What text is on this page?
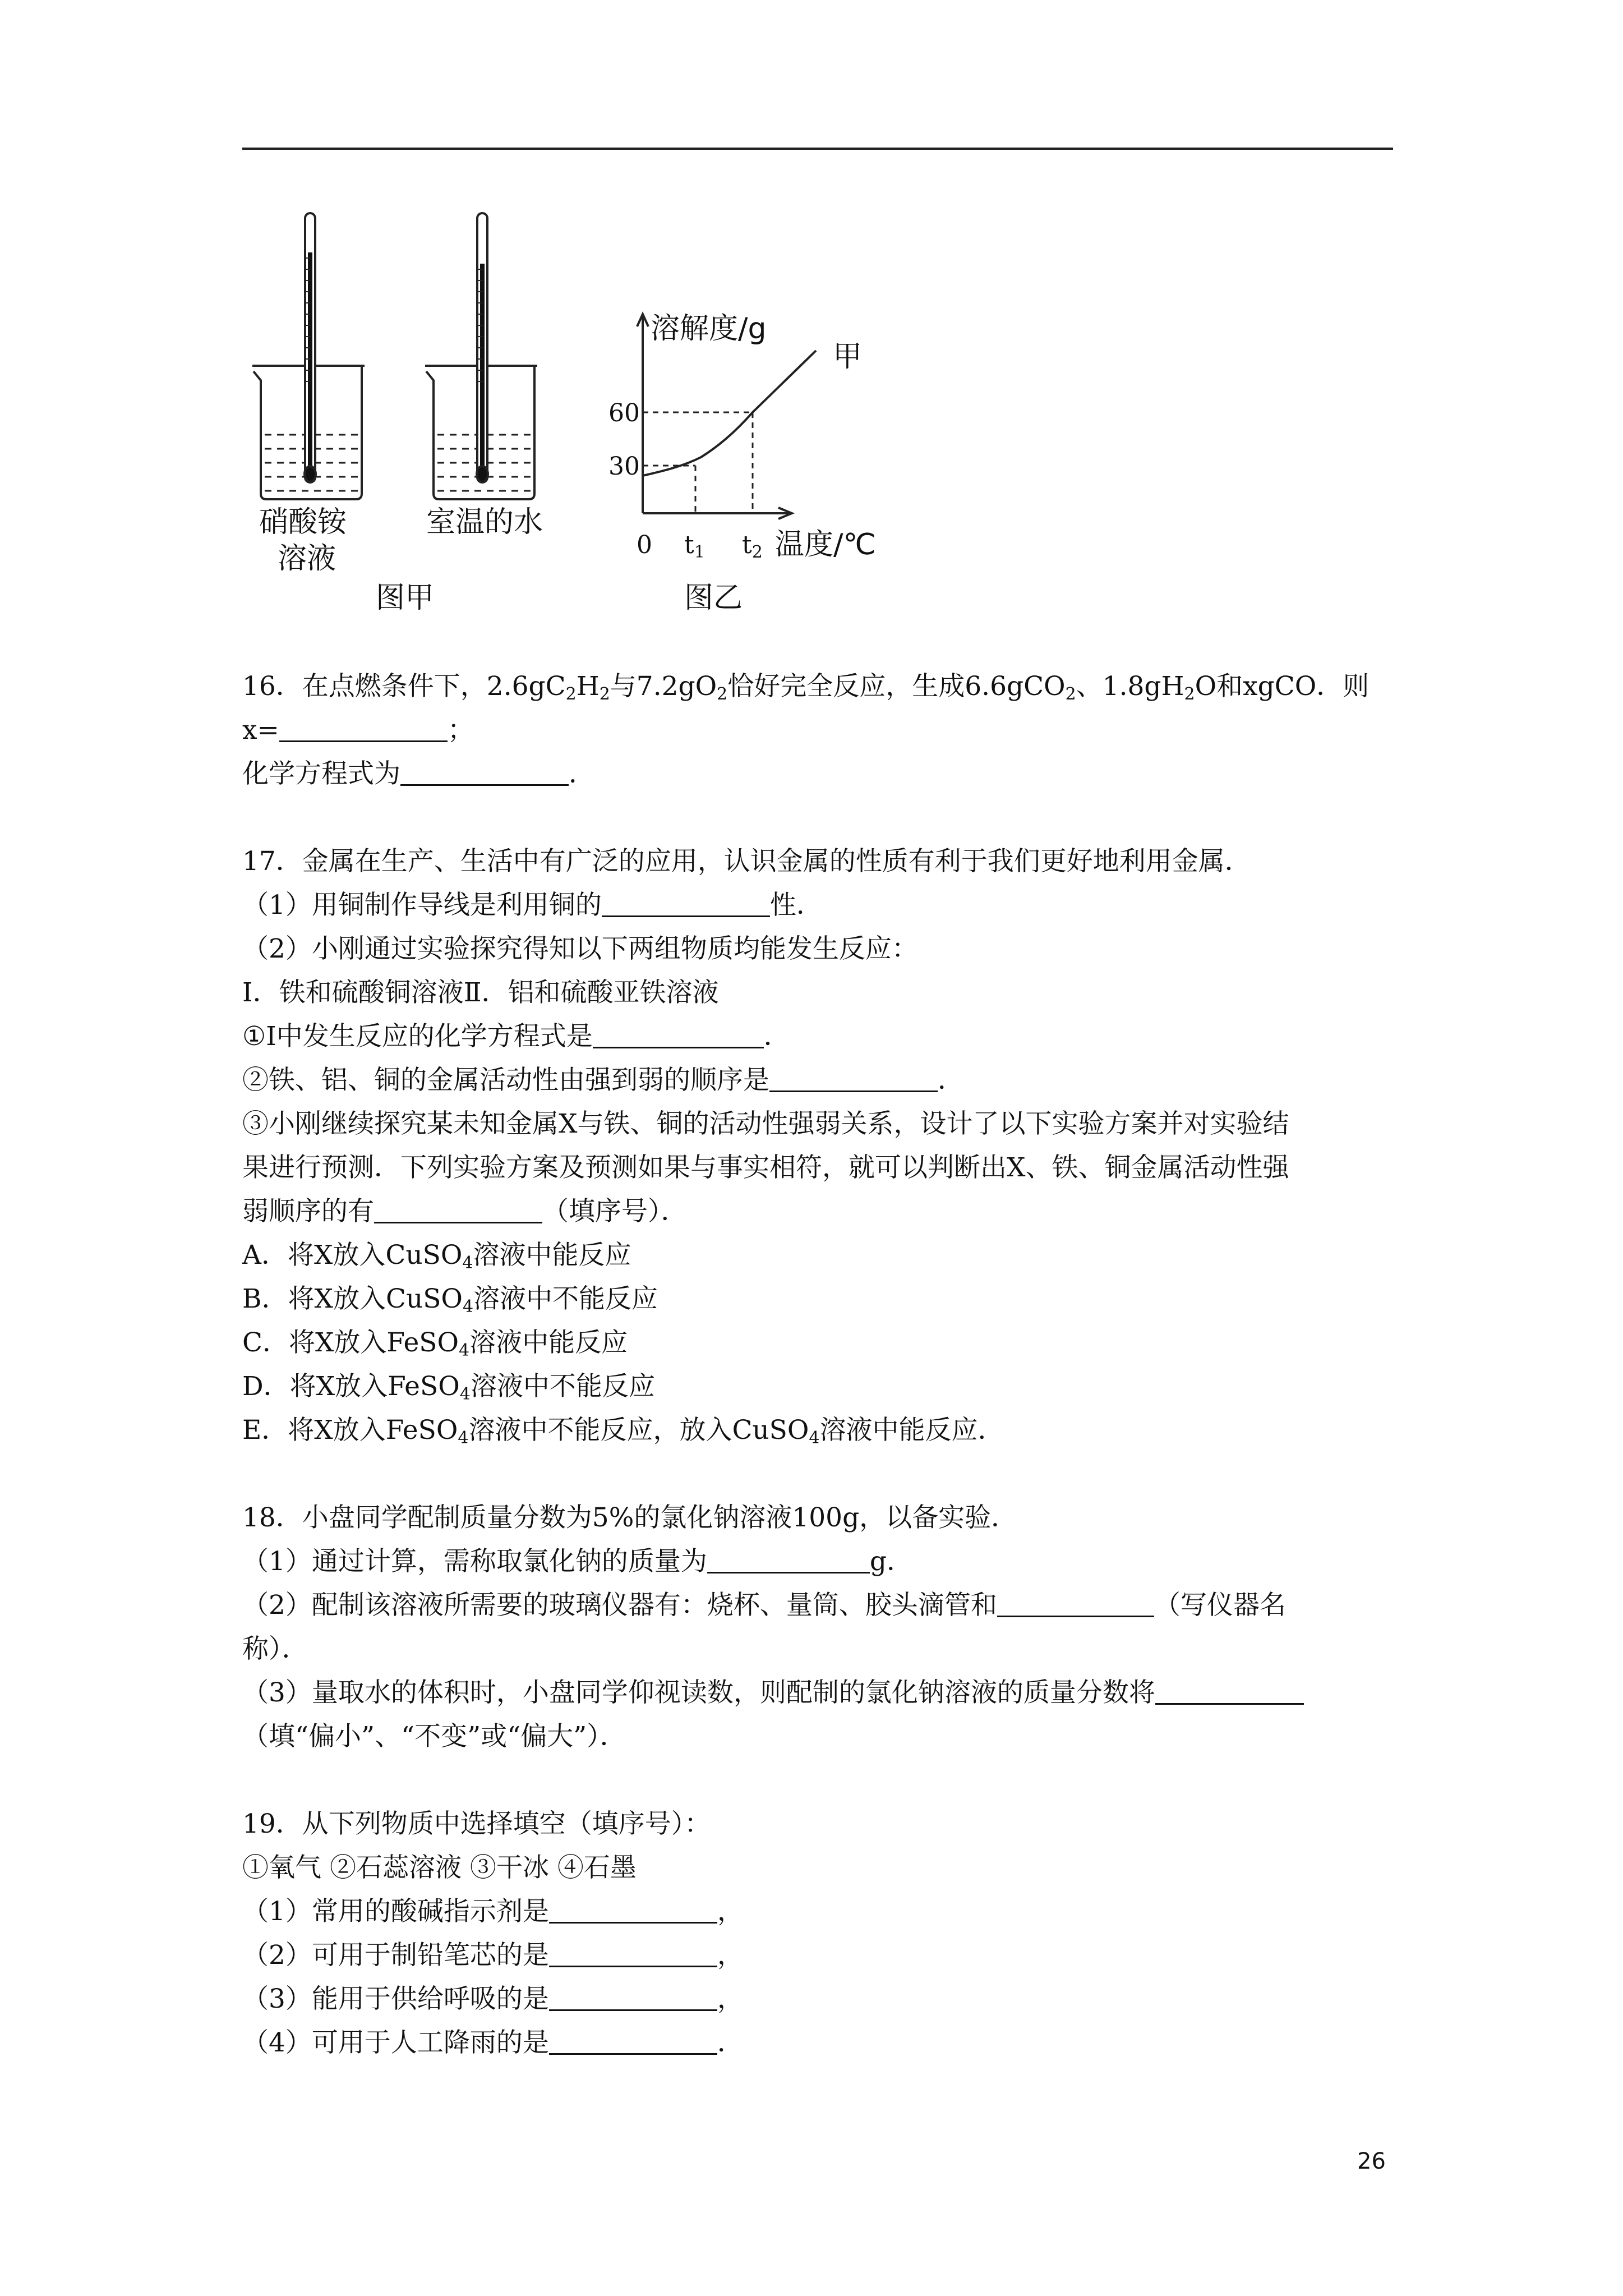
硝酸铵
溶液
室温的水
图甲
溶解度/g
甲
60
30
0 $t_1$ $t_2$ 温度/℃
图乙
16．在点燃条件下，$2.6gC_2H_2$与$7.2gO_2$恰好完全反应，生成6.6gCO$_2$、$1.8gH_2O$和xgCO．则
x=	；
化学方程式为	．
17．金属在生产、生活中有广泛的应用，认识金属的性质有利于我们更好地利用金属．
（1）用铜制作导线是利用铜的	性．
（2）小刚通过实验探究得知以下两组物质均能发生反应：
Ⅰ．铁和硫酸铜溶液Ⅱ．铝和硫酸亚铁溶液
①Ⅰ中发生反应的化学方程式是	．
②铁、铝、铜的金属活动性由强到弱的顺序是	．
③小刚继续探究某未知金属X与铁、铜的活动性强弱关系，设计了以下实验方案并对实验结
果进行预测．下列实验方案及预测如果与事实相符，就可以判断出X、铁、铜金属活动性强
弱顺序的有	（填序号）．
A．将X放入CuSO$_4$溶液中能反应
B．将X放入CuSO$_4$溶液中不能反应
C．将X放入FeSO$_4$溶液中能反应
D．将X放入FeSO$_4$溶液中不能反应
E．将X放入FeSO$_4$溶液中不能反应，放入CuSO$_4$溶液中能反应．
18．小盘同学配制质量分数为5%的氯化钠溶液100g，以备实验．
（1）通过计算，需称取氯化钠的质量为	g．
（2）配制该溶液所需要的玻璃仪器有：烧杯、量筒、胶头滴管和	（写仪器名
称）．
（3）量取水的体积时，小盘同学仰视读数，则配制的氯化钠溶液的质量分数将
（填“偏小”、“不变”或“偏大”）．
19．从下列物质中选择填空（填序号）：
①氧气 ②石蕊溶液 ③干冰 ④石墨
（1）常用的酸碱指示剂是	，
（2）可用于制铅笔芯的是	，
（3）能用于供给呼吸的是	，
（4）可用于人工降雨的是	．
26
